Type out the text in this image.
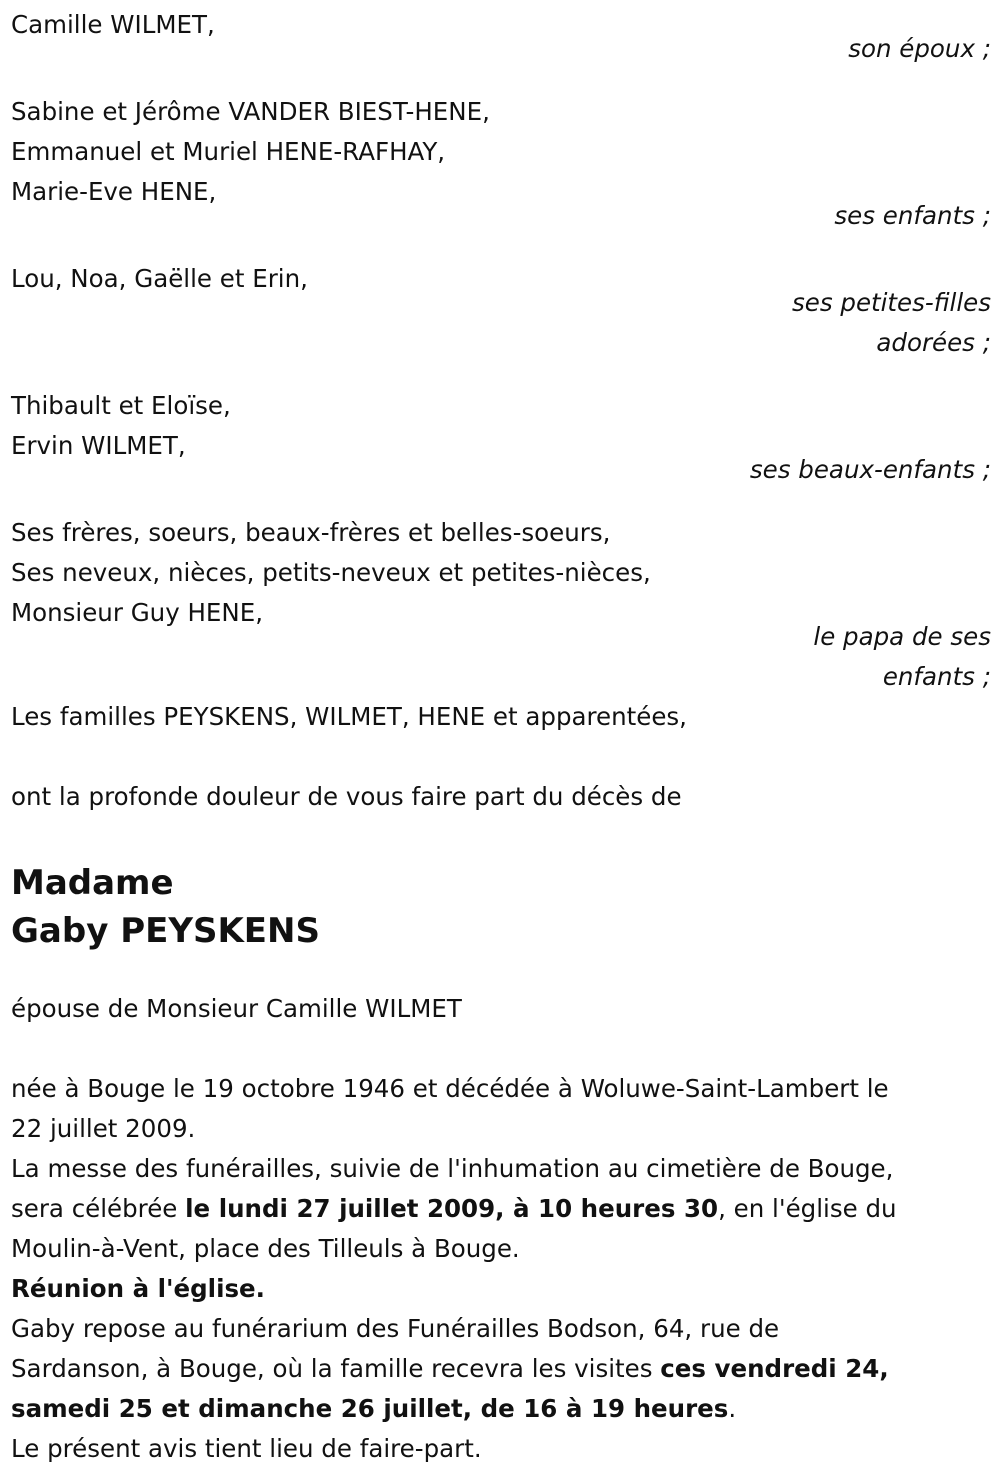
Camille WILMET,
son époux ;
Sabine et Jérôme VANDER BIEST-HENE,
Emmanuel et Muriel HENE-RAFHAY,
Marie-Eve HENE,
ses enfants ;
Lou, Noa, Gaëlle et Erin,
ses petites-filles
adorées ;
Thibault et Eloïse,
Ervin WILMET,
ses beaux-enfants ;
Ses frères, soeurs, beaux-frères et belles-soeurs,
Ses neveux, nièces, petits-neveux et petites-nièces,
Monsieur Guy HENE,
le papa de ses
enfants ;
Les familles PEYSKENS, WILMET, HENE et apparentées,
ont la profonde douleur de vous faire part du décès de
Madame
Gaby PEYSKENS
épouse de Monsieur Camille WILMET
née à Bouge le 19 octobre 1946 et décédée à Woluwe-Saint-Lambert le
22 juillet 2009.
La messe des funérailles, suivie de l'inhumation au cimetière de Bouge,
sera célébrée le lundi 27 juillet 2009, à 10 heures 30, en l'église du
Moulin-à-Vent, place des Tilleuls à Bouge.
Réunion à l'église.
Gaby repose au funérarium des Funérailles Bodson, 64, rue de
Sardanson, à Bouge, où la famille recevra les visites ces vendredi 24,
samedi 25 et dimanche 26 juillet, de 16 à 19 heures.
Le présent avis tient lieu de faire-part.
